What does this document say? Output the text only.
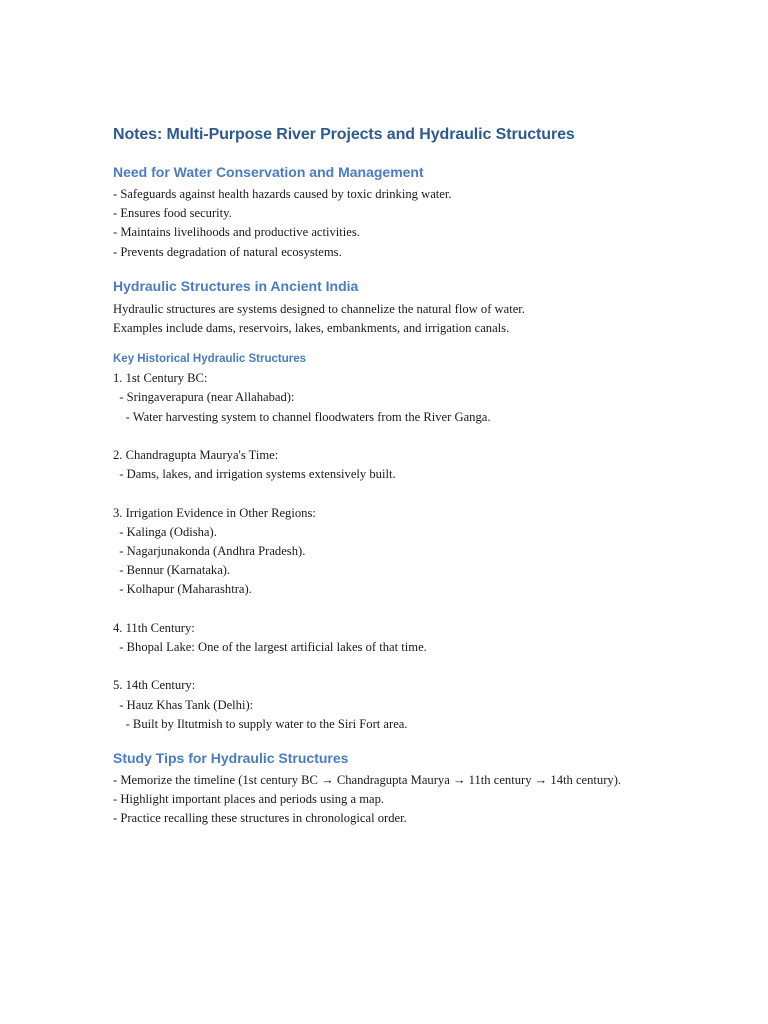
Notes: Multi-Purpose River Projects and Hydraulic Structures
Need for Water Conservation and Management

- Safeguards against health hazards caused by toxic drinking water.

- Ensures food security.

- Maintains livelihoods and productive activities.

- Prevents degradation of natural ecosystems.

Hydraulic Structures in Ancient India

Hydraulic structures are systems designed to channelize the natural flow of water.

Examples include dams, reservoirs, lakes, embankments, and irrigation canals.

Key Historical Hydraulic Structures

1. 1st Century BC:

- Sringaverapura (near Allahabad):

- Water harvesting system to channel floodwaters from the River Ganga.

2. Chandragupta Maurya's Time:

- Dams, lakes, and irrigation systems extensively built.

3. Irrigation Evidence in Other Regions:

- Kalinga (Odisha).

- Nagarjunakonda (Andhra Pradesh).

- Bennur (Karnataka).

- Kolhapur (Maharashtra).

4. 11th Century:

- Bhopal Lake: One of the largest artificial lakes of that time.

5. 14th Century:

- Hauz Khas Tank (Delhi):

- Built by Iltutmish to supply water to the Siri Fort area.

Study Tips for Hydraulic Structures

- Memorize the timeline (1st century BC → Chandragupta Maurya → 11th century → 14th century).

- Highlight important places and periods using a map.

- Practice recalling these structures in chronological order.
